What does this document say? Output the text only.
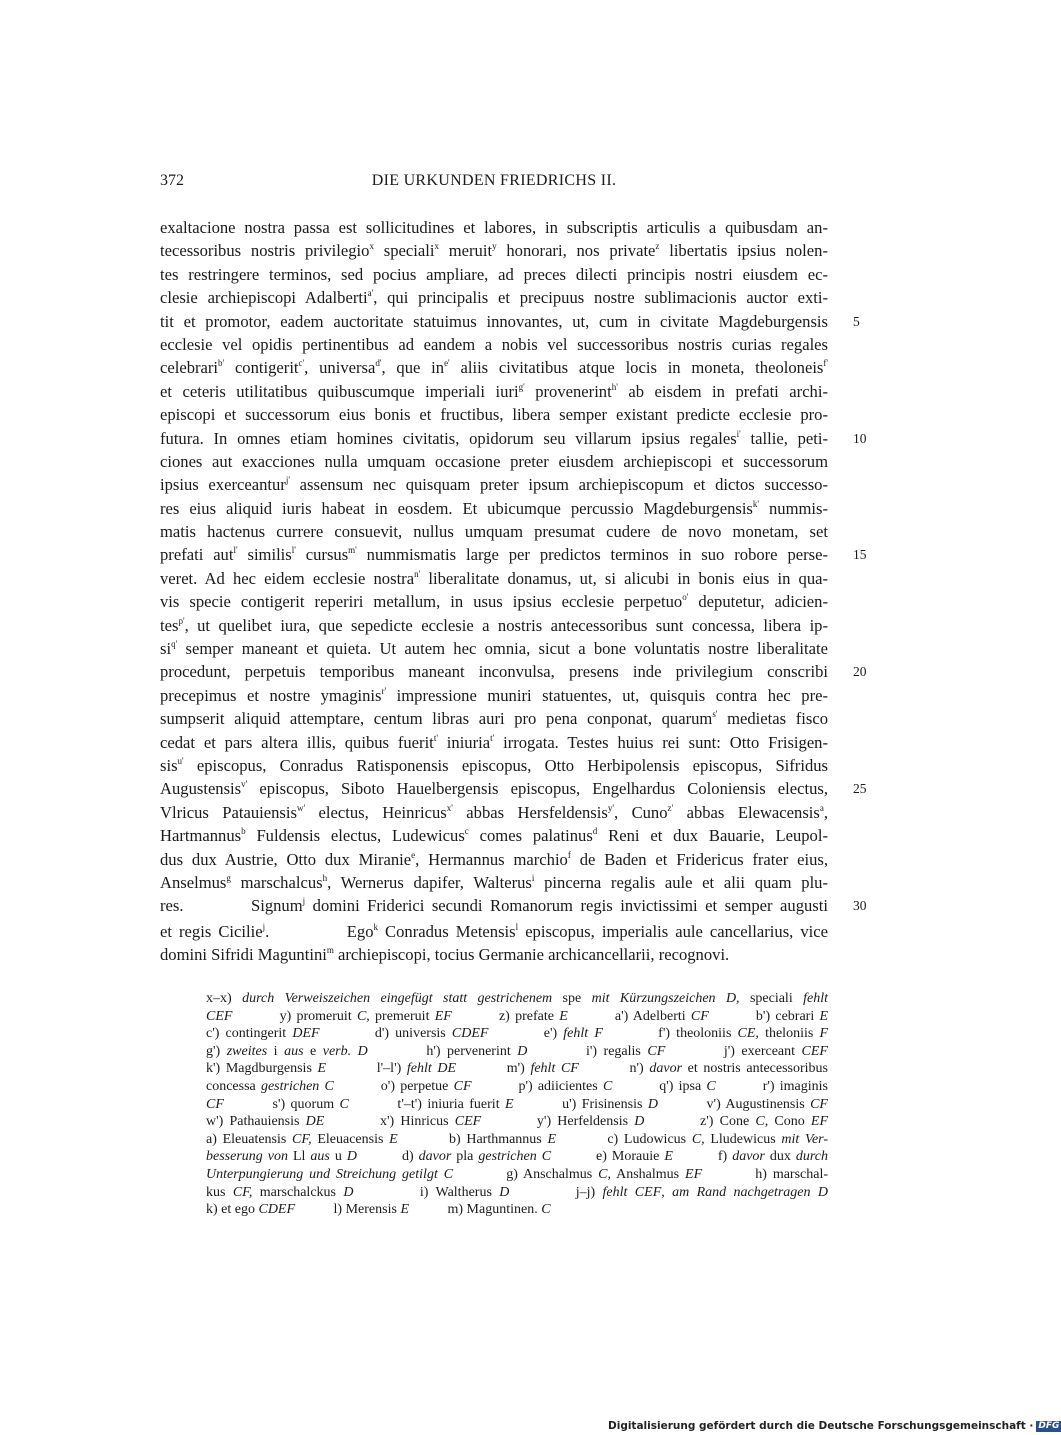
372	DIE URKUNDEN FRIEDRICHS II.
exaltacione nostra passa est sollicitudines et labores, in subscriptis articulis a quibusdam an-
tecessoribus nostris privilegio$^x$ speciali$^x$ meruit$^y$ honorari, nos private$^z$ libertatis ipsius nolen-
tes restringere terminos, sed pocius ampliare, ad preces dilecti principis nostri eiusdem ec-
clesie archiepiscopi Adalberti$^{a'}$, qui principalis et precipuus nostre sublimacionis auctor exti-
tit et promotor, eadem auctoritate statuimus innovantes, ut, cum in civitate Magdeburgensis 5
ecclesie vel opidis pertinentibus ad eandem a nobis vel successoribus nostris curias regales
celebrari$^{b'}$ contigerit$^{c'}$, universa$^{d'}$, que $in^{e'}$ aliis civitatibus atque locis in moneta, theoloneis$^{f'}$
et ceteris utilitatibus quibuscumque imperiali iuri$^{g'}$ provenerint$^{h'}$ ab eisdem in prefati archi-
episcopi et successorum eius bonis et fructibus, libera semper existant predicte ecclesie pro-
futura. In omnes etiam homines civitatis, opidorum seu villarum ipsius regales$^{i'}$ tallie, peti- 10
ciones aut exacciones nulla umquam occasione preter eiusdem archiepiscopi et successorum
ipsius exerceantur$^{j'}$ assensum nec quisquam preter ipsum archiepiscopum et dictos successo-
res eius aliquid iuris habeat in eosdem. Et ubicumque percussio Magdeburgensis$^{k'}$ nummis-
matis hactenus currere consuevit, nullus umquam presumat cudere de novo monetam, set
prefati aut$^{l'}$ similis$^{l'}$ cursus$^{m'}$ nummismatis large per predictos terminos in suo robore perse- 15
veret. Ad hec eidem ecclesie nostra$^{n'}$ liberalitate donamus, ut, si alicubi in bonis eius in qua-
vis specie contigerit reperiri metallum, in usus ipsius ecclesie perpetuo$^{o'}$ deputetur, adicien-
tes$^{p'}$, ut quelibet iura, que sepedicte ecclesie a nostris antecessoribus sunt concessa, libera ip-
$si^{q'}$ semper maneant et quieta. Ut autem hec omnia, sicut a bone voluntatis nostre liberalitate
procedunt, perpetuis temporibus maneant inconvulsa, presens inde privilegium conscribi 20
precepimus et nostre ymaginis$^{r'}$ impressione muniri statuentes, ut, quisquis contra hec pre-
sumpserit aliquid attemptare, centum libras auri pro pena conponat, quarum$^{s'}$ medietas fisco
cedat et pars altera illis, quibus fuerit$^{t'}$ iniuria$^{t'}$ irrogata. Testes huius rei sunt: Otto Frisigen-
sis$^{u'}$ episcopus, Conradus Ratisponensis episcopus, Otto Herbipolensis episcopus, Sifridus
Augustensis$^{v'}$ episcopus, Siboto Hauelbergensis episcopus, Engelhardus Coloniensis electus, 25
Vlricus Patauiensis$^{w'}$ electus, Heinricus$^{x'}$ abbas Hersfeldensis$^{y'}$, Cuno$^{z'}$ abbas Elewacensis$^a$,
Hartmannus$^b$ Fuldensis electus, Ludewicus$^c$ comes palatinus$^d$ Reni et dux Bauarie, Leupol-
dus dux Austrie, Otto dux Miranie$^e$, Hermannus marchio$^f$ de Baden et Fridericus frater eius,
Anselmus$^g$ marschalcus$^h$, Wernerus dapifer, Walterus$^i$ pincerna regalis aule et alii quam plu-
res.         Signum$^j$ domini Friderici secundi Romanorum regis invictissimi et semper augusti 30
et regis Cicilie$^j$.           Ego$^k$ Conradus Metensis$^l$ episcopus, imperialis aule cancellarius, vice
domini Sifridi Maguntini$^m$ archiepiscopi, tocius Germanie archicancellarii, recognovi.
x–x) durch Verweiszeichen eingefügt statt gestrichenem spe mit Kürzungszeichen D, speciali fehlt
CEF         y) promeruit C, premeruit EF         z) prefate E         a') Adelberti CF         b') cebrari E
c') contingerit DEF         d') universis CDEF         e') fehlt F         f') theoloniis CE, theloniis F
g') zweites i aus e verb. D         h') pervenerint D         i') regalis CF         j') exerceant CEF
k') Magdburgensis E         l'–l') fehlt DE         m') fehlt CF         n') davor et nostris antecessoribus
concessa gestrichen C         o') perpetue CF         p') adiicientes C         q') ipsa C         r') imaginis
CF         s') quorum C         t'–t') iniuria fuerit E         u') Frisinensis D         v') Augustinensis CF
w') Pathauiensis DE         x') Hinricus CEF         y') Herfeldensis D         z') Cone C, Cono EF
a) Eleuatensis CF, Eleuacensis E         b) Harthmannus E         c) Ludowicus C, Lludewicus mit Ver-
besserung von Ll aus u D         d) davor pla gestrichen C         e) Morauie E         f) davor dux durch
Unterpungierung und Streichung getilgt C         g) Anschalmus C, Anshalmus EF         h) marschal-
kus CF, marschalckus D         i) Waltherus D         j–j) fehlt CEF, am Rand nachgetragen D
k) et ego CDEF           l) Merensis E           m) Maguntinen. C
Digitalisierung gefördert durch die Deutsche Forschungsgemeinschaft · DFG
